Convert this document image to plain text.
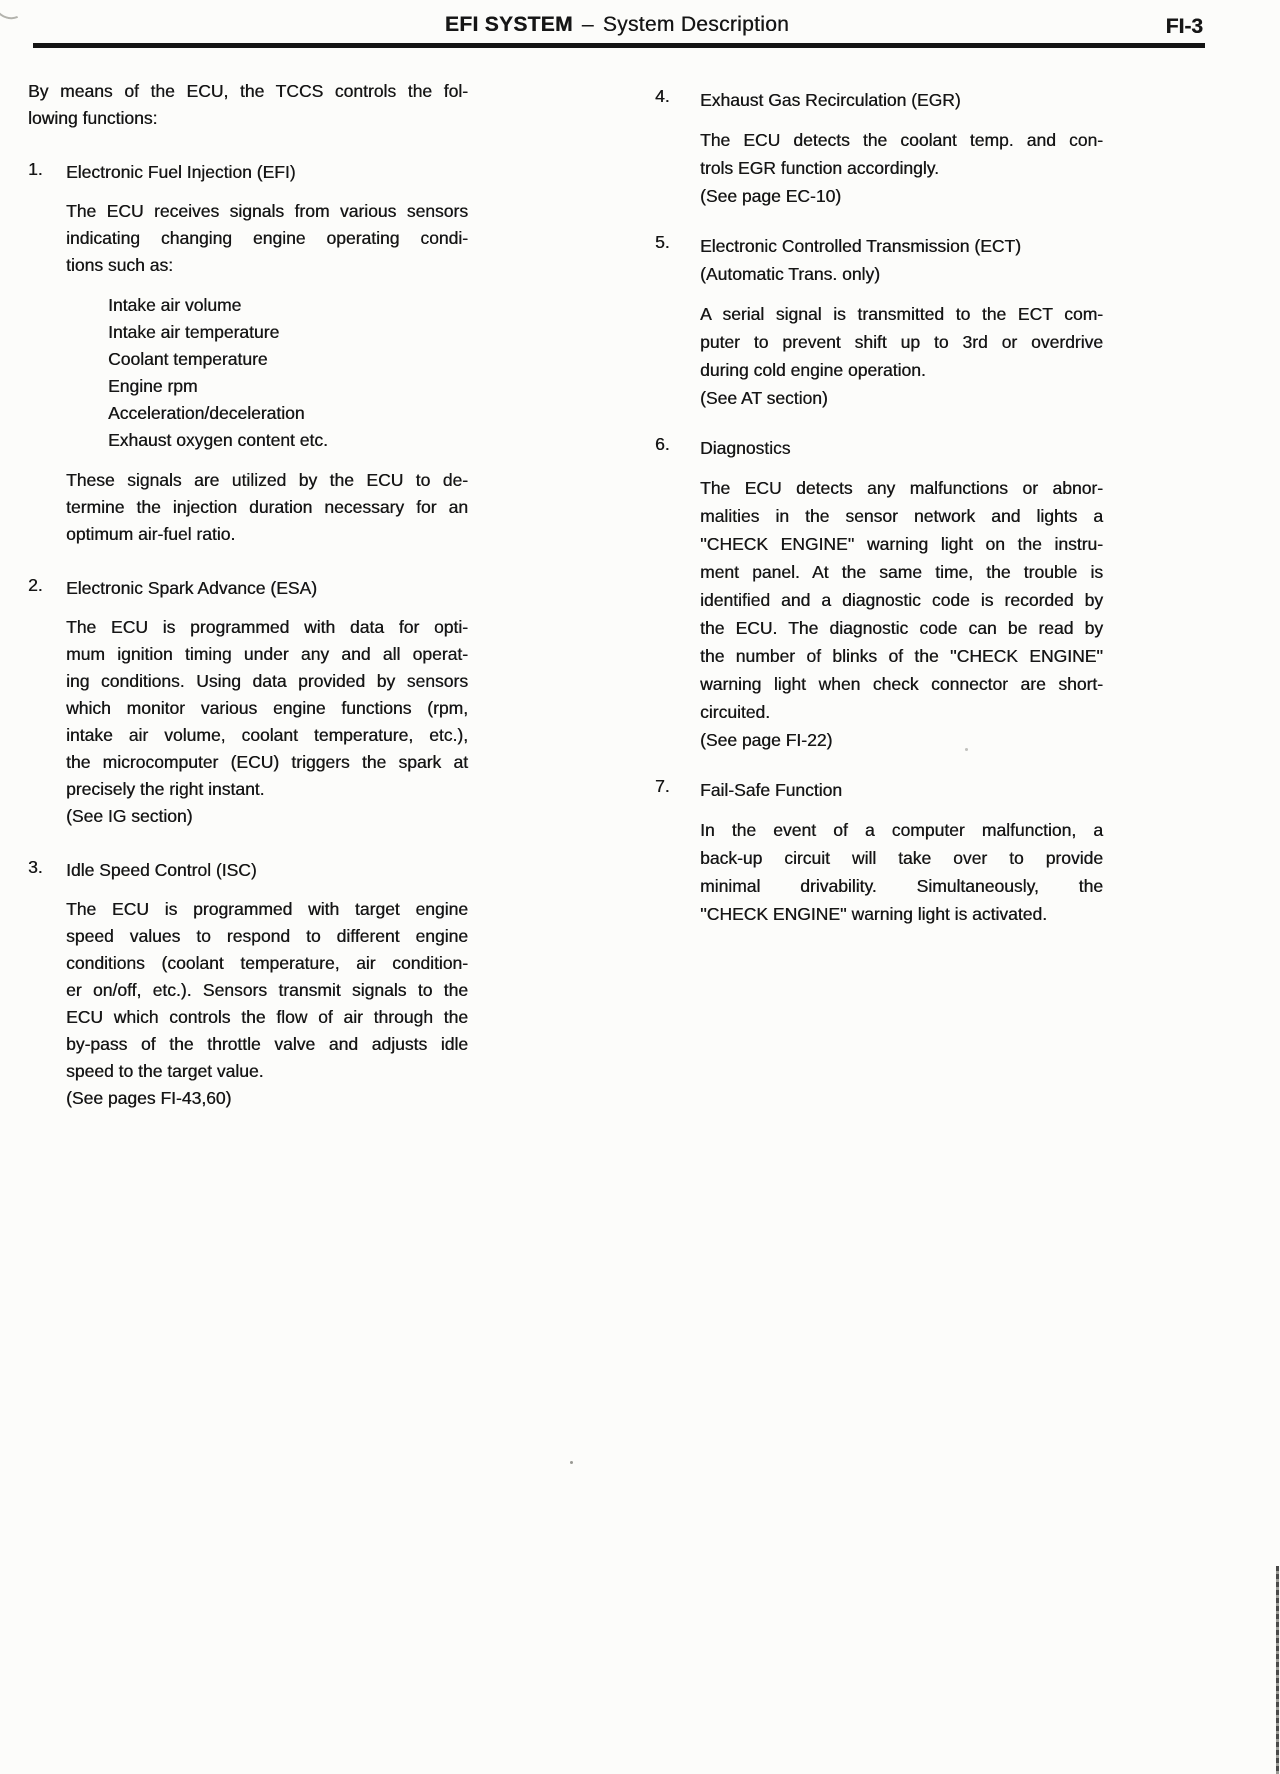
EFI SYSTEM – System Description	FI-3
By means of the ECU, the TCCS controls the fol-
lowing functions:
1. Electronic Fuel Injection (EFI)
The ECU receives signals from various sensors
indicating changing engine operating condi-
tions such as:
Intake air volume
Intake air temperature
Coolant temperature
Engine rpm
Acceleration/deceleration
Exhaust oxygen content etc.
These signals are utilized by the ECU to de-
termine the injection duration necessary for an
optimum air-fuel ratio.
2. Electronic Spark Advance (ESA)
The ECU is programmed with data for opti-
mum ignition timing under any and all operat-
ing conditions. Using data provided by sensors
which monitor various engine functions (rpm,
intake air volume, coolant temperature, etc.),
the microcomputer (ECU) triggers the spark at
precisely the right instant.
(See IG section)
3. Idle Speed Control (ISC)
The ECU is programmed with target engine
speed values to respond to different engine
conditions (coolant temperature, air condition-
er on/off, etc.). Sensors transmit signals to the
ECU which controls the flow of air through the
by-pass of the throttle valve and adjusts idle
speed to the target value.
(See pages FI-43,60)
4. Exhaust Gas Recirculation (EGR)
The ECU detects the coolant temp. and con-
trols EGR function accordingly.
(See page EC-10)
5. Electronic Controlled Transmission (ECT)
(Automatic Trans. only)
A serial signal is transmitted to the ECT com-
puter to prevent shift up to 3rd or overdrive
during cold engine operation.
(See AT section)
6. Diagnostics
The ECU detects any malfunctions or abnor-
malities in the sensor network and lights a
''CHECK ENGINE'' warning light on the instru-
ment panel. At the same time, the trouble is
identified and a diagnostic code is recorded by
the ECU. The diagnostic code can be read by
the number of blinks of the ''CHECK ENGINE''
warning light when check connector are short-
circuited.
(See page FI-22)
7. Fail-Safe Function
In the event of a computer malfunction, a
back-up circuit will take over to provide
minimal drivability. Simultaneously, the
''CHECK ENGINE'' warning light is activated.
